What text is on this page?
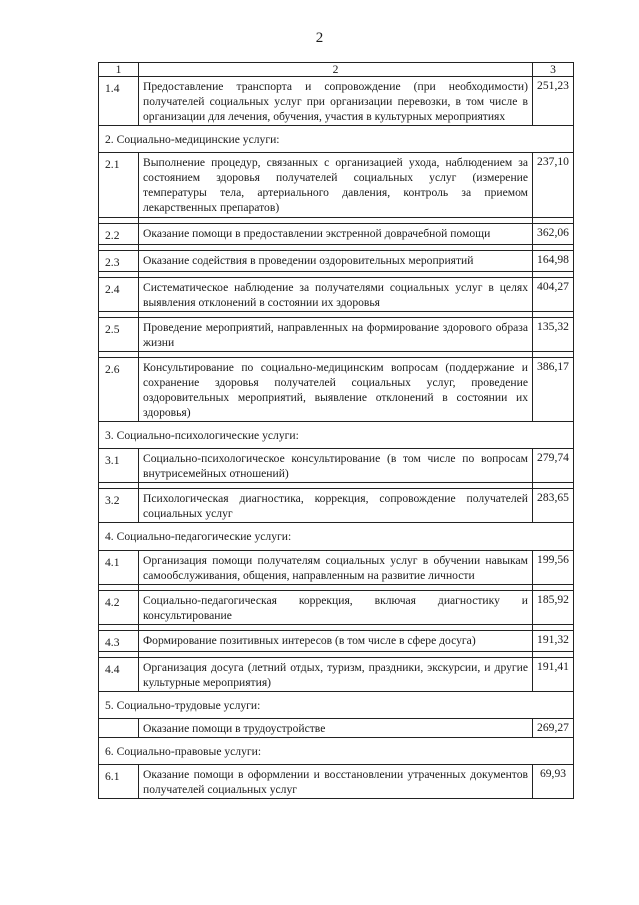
2
1	2	3
1.4	Предоставление транспорта и сопровождение (при необходимости) получателей социальных услуг при организации перевозки, в том числе в организации для лечения, обучения, участия в культурных мероприятиях	251,23
2. Социально-медицинские услуги:		
2.1	Выполнение процедур, связанных с организацией ухода, наблюдением за состоянием здоровья получателей социальных услуг (измерение температуры тела, артериального давления, контроль за приемом лекарственных препаратов)	237,10

2.2	Оказание помощи в предоставлении экстренной доврачебной помощи	362,06

2.3	Оказание содействия в проведении оздоровительных мероприятий	164,98

2.4	Систематическое наблюдение за получателями социальных услуг в целях выявления отклонений в состоянии их здоровья	404,27

2.5	Проведение мероприятий, направленных на формирование здорового образа жизни	135,32

2.6	Консультирование по социально-медицинским вопросам (поддержание и сохранение здоровья получателей социальных услуг, проведение оздоровительных мероприятий, выявление отклонений в состоянии их здоровья)	386,17
3. Социально-психологические услуги:		
3.1	Социально-психологическое консультирование (в том числе по вопросам внутрисемейных отношений)	279,74

3.2	Психологическая диагностика, коррекция, сопровождение получателей социальных услуг	283,65
4. Социально-педагогические услуги:		
4.1	Организация помощи получателям социальных услуг в обучении навыкам самообслуживания, общения, направленным на развитие личности	199,56

4.2	Социально-педагогическая коррекция, включая диагностику и консультирование	185,92

4.3	Формирование позитивных интересов (в том числе в сфере досуга)	191,32

4.4	Организация досуга (летний отдых, туризм, праздники, экскурсии, и другие культурные мероприятия)	191,41
5. Социально-трудовые услуги:		
	Оказание помощи в трудоустройстве	269,27
6. Социально-правовые услуги:		
6.1	Оказание помощи в оформлении и восстановлении утраченных документов получателей социальных услуг	69,93
